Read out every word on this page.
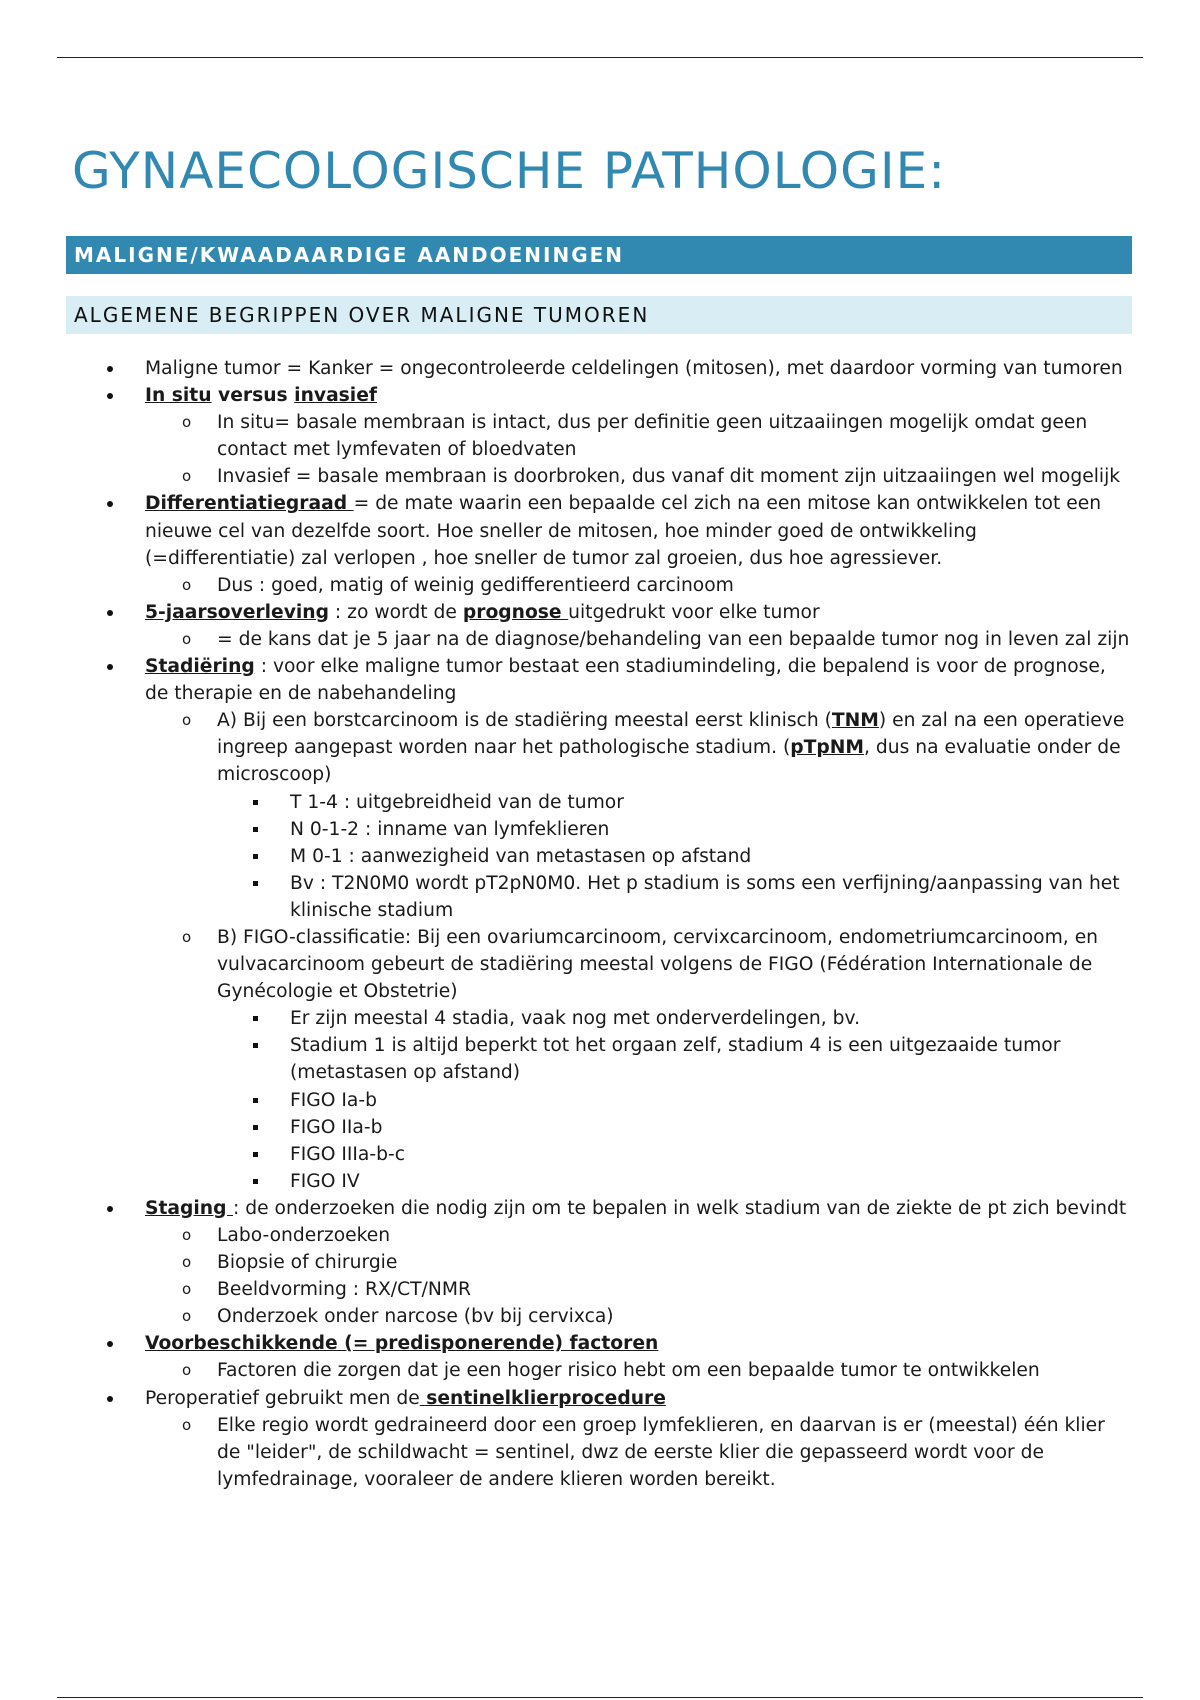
GYNAECOLOGISCHE PATHOLOGIE:
MALIGNE/KWAADAARDIGE AANDOENINGEN
ALGEMENE BEGRIPPEN OVER MALIGNE TUMOREN
Maligne tumor = Kanker = ongecontroleerde celdelingen (mitosen), met daardoor vorming van tumoren
In situ versus invasief
o In situ= basale membraan is intact, dus per definitie geen uitzaaiingen mogelijk omdat geen contact met lymfevaten of bloedvaten
o Invasief = basale membraan is doorbroken, dus vanaf dit moment zijn uitzaaiingen wel mogelijk
Differentiatiegraad = de mate waarin een bepaalde cel zich na een mitose kan ontwikkelen tot een nieuwe cel van dezelfde soort. Hoe sneller de mitosen, hoe minder goed de ontwikkeling (=differentiatie) zal verlopen , hoe sneller de tumor zal groeien, dus hoe agressiever.
o Dus : goed, matig of weinig gedifferentieerd carcinoom
5-jaarsoverleving : zo wordt de prognose uitgedrukt voor elke tumor
o = de kans dat je 5 jaar na de diagnose/behandeling van een bepaalde tumor nog in leven zal zijn
Stadiëring : voor elke maligne tumor bestaat een stadiumindeling, die bepalend is voor de prognose, de therapie en de nabehandeling
o A) Bij een borstcarcinoom is de stadiëring meestal eerst klinisch (TNM) en zal na een operatieve ingreep aangepast worden naar het pathologische stadium. (pTpNM, dus na evaluatie onder de microscoop)
T 1-4 : uitgebreidheid van de tumor
N 0-1-2 : inname van lymfeklieren
M 0-1 : aanwezigheid van metastasen op afstand
Bv : T2N0M0 wordt pT2pN0M0. Het p stadium is soms een verfijning/aanpassing van het klinische stadium
o B) FIGO-classificatie: Bij een ovariumcarcinoom, cervixcarcinoom, endometriumcarcinoom, en vulvacarcinoom gebeurt de stadiëring meestal volgens de FIGO (Fédération Internationale de Gynécologie et Obstetrie)
Er zijn meestal 4 stadia, vaak nog met onderverdelingen, bv.
Stadium 1 is altijd beperkt tot het orgaan zelf, stadium 4 is een uitgezaaide tumor (metastasen op afstand)
FIGO Ia-b
FIGO IIa-b
FIGO IIIa-b-c
FIGO IV
Staging : de onderzoeken die nodig zijn om te bepalen in welk stadium van de ziekte de pt zich bevindt
o Labo-onderzoeken
o Biopsie of chirurgie
o Beeldvorming : RX/CT/NMR
o Onderzoek onder narcose (bv bij cervixca)
Voorbeschikkende (= predisponerende) factoren
o Factoren die zorgen dat je een hoger risico hebt om een bepaalde tumor te ontwikkelen
Peroperatief gebruikt men de sentinelklierprocedure
o Elke regio wordt gedraineerd door een groep lymfeklieren, en daarvan is er (meestal) één klier de "leider", de schildwacht = sentinel, dwz de eerste klier die gepasseerd wordt voor de lymfedrainage, vooraleer de andere klieren worden bereikt.
